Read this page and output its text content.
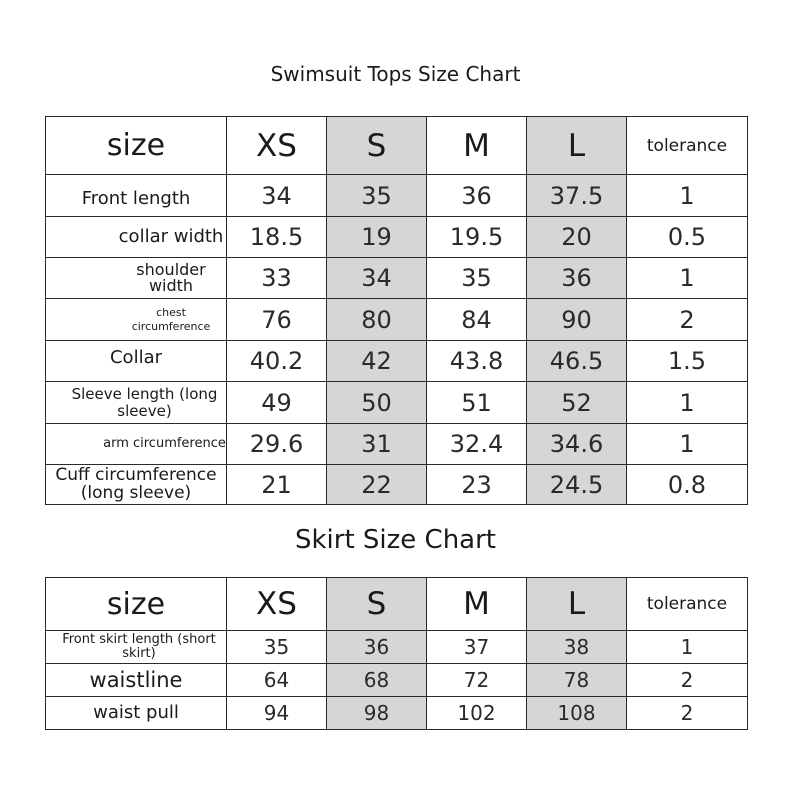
Swimsuit Tops Size Chart
size	XS	S	M	L	tolerance
Front length	34	35	36	37.5	1
collar width	18.5	19	19.5	20	0.5
shoulder width	33	34	35	36	1
chest circumference	76	80	84	90	2
Collar	40.2	42	43.8	46.5	1.5
Sleeve length (long sleeve)	49	50	51	52	1
arm circumference	29.6	31	32.4	34.6	1
Cuff circumference (long sleeve)	21	22	23	24.5	0.8
Skirt Size Chart
size	XS	S	M	L	tolerance
Front skirt length (short skirt)	35	36	37	38	1
waistline	64	68	72	78	2
waist pull	94	98	102	108	2
